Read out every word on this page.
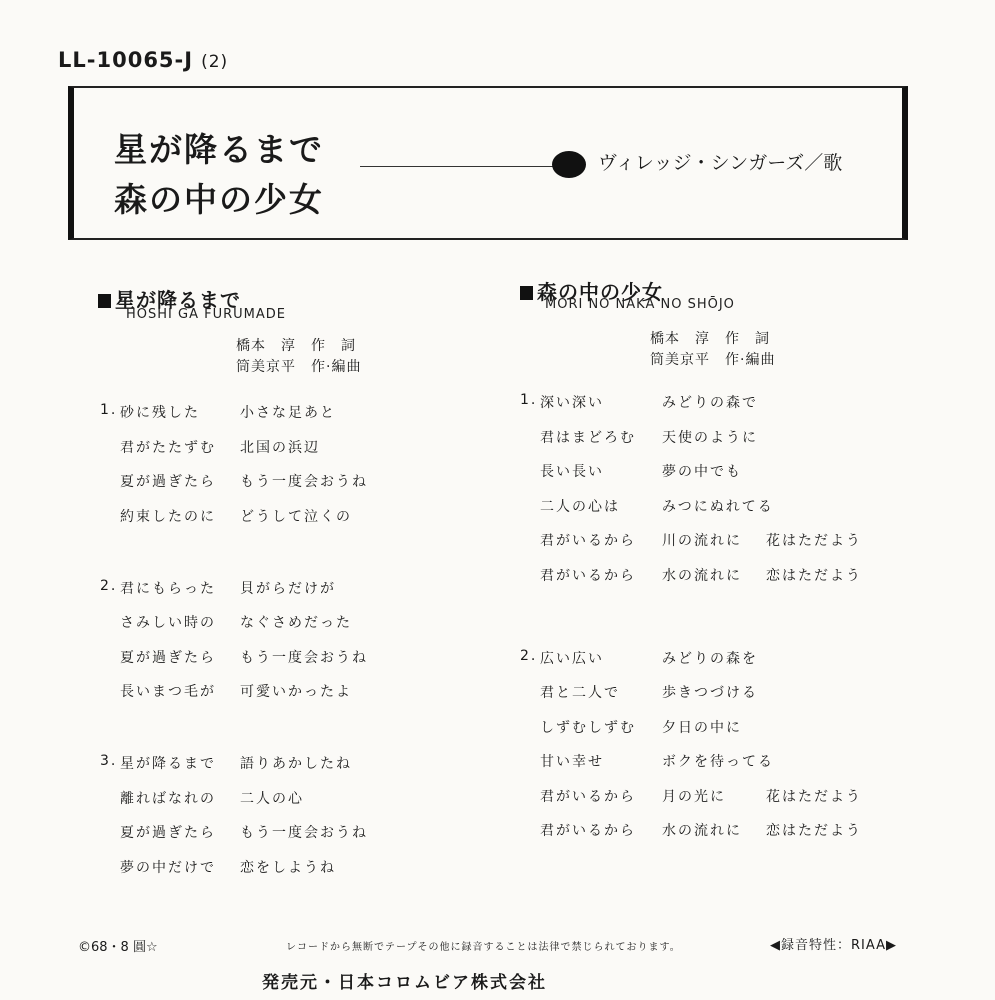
LL-10065-J (2)
星が降るまで
森の中の少女
ヴィレッジ・シンガーズ／歌
星が降るまで
HOSHI GA FURUMADE
橋本　淳　作　詞
筒美京平　作·編曲
1. 砂に残した	小さな足あと
君がたたずむ 北国の浜辺
夏が過ぎたら もう一度会おうね
約束したのに どうして泣くの
2. 君にもらった 貝がらだけが
さみしい時の なぐさめだった
夏が過ぎたら もう一度会おうね
長いまつ毛が 可愛いかったよ
3. 星が降るまで 語りあかしたね
離ればなれの 二人の心
夏が過ぎたら もう一度会おうね
夢の中だけで 恋をしようね
森の中の少女
MORI NO NAKA NO SHŌJO
橋本　淳　作　詞
筒美京平　作·編曲
1. 深い深い	みどりの森で
君はまどろむ 天使のように
長い長い	夢の中でも
二人の心は	みつにぬれてる
君がいるから 川の流れに 花はただよう
君がいるから 水の流れに 恋はただよう
2. 広い広い	みどりの森を
君と二人で	歩きつづける
しずむしずむ 夕日の中に
甘い幸せ	ボクを待ってる
君がいるから 月の光に	花はただよう
君がいるから 水の流れに 恋はただよう
©68・8 圓☆	レコードから無断でテープその他に録音することは法律で禁じられております。	◀録音特性：RIAA▶
発売元・日本コロムビア株式会社
